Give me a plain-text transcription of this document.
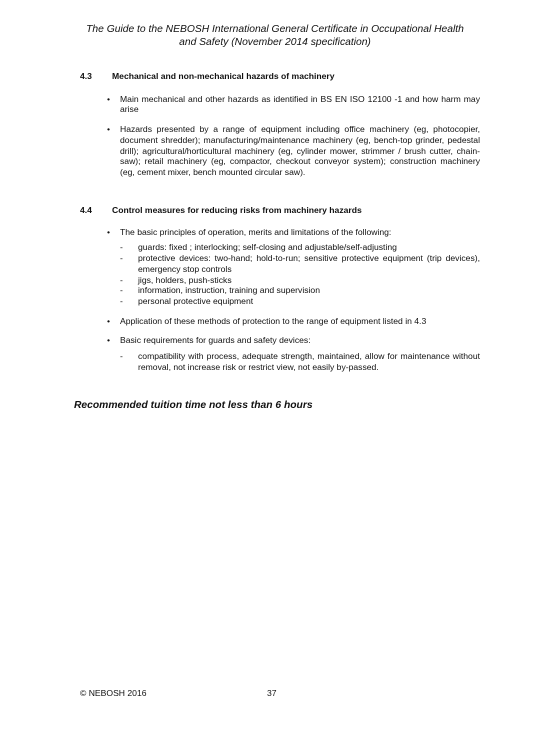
The Guide to the NEBOSH International General Certificate in Occupational Health
and Safety (November 2014 specification)
4.3	Mechanical and non-mechanical hazards of machinery
• Main mechanical and other hazards as identified in BS EN ISO 12100 -1 and how harm may arise
• Hazards presented by a range of equipment including office machinery (eg, photocopier, document shredder); manufacturing/maintenance machinery (eg, bench-top grinder, pedestal drill); agricultural/horticultural machinery (eg, cylinder mower, strimmer / brush cutter, chain-saw); retail machinery (eg, compactor, checkout conveyor system); construction machinery (eg, cement mixer, bench mounted circular saw).
4.4	Control measures for reducing risks from machinery hazards
• The basic principles of operation, merits and limitations of the following:
- guards: fixed ; interlocking; self-closing and adjustable/self-adjusting
- protective devices: two-hand; hold-to-run; sensitive protective equipment (trip devices), emergency stop controls
- jigs, holders, push-sticks
- information, instruction, training and supervision
- personal protective equipment
• Application of these methods of protection to the range of equipment listed in 4.3
• Basic requirements for guards and safety devices:
- compatibility with process, adequate strength, maintained, allow for maintenance without removal, not increase risk or restrict view, not easily by-passed.
Recommended tuition time not less than 6 hours
© NEBOSH 2016	37
